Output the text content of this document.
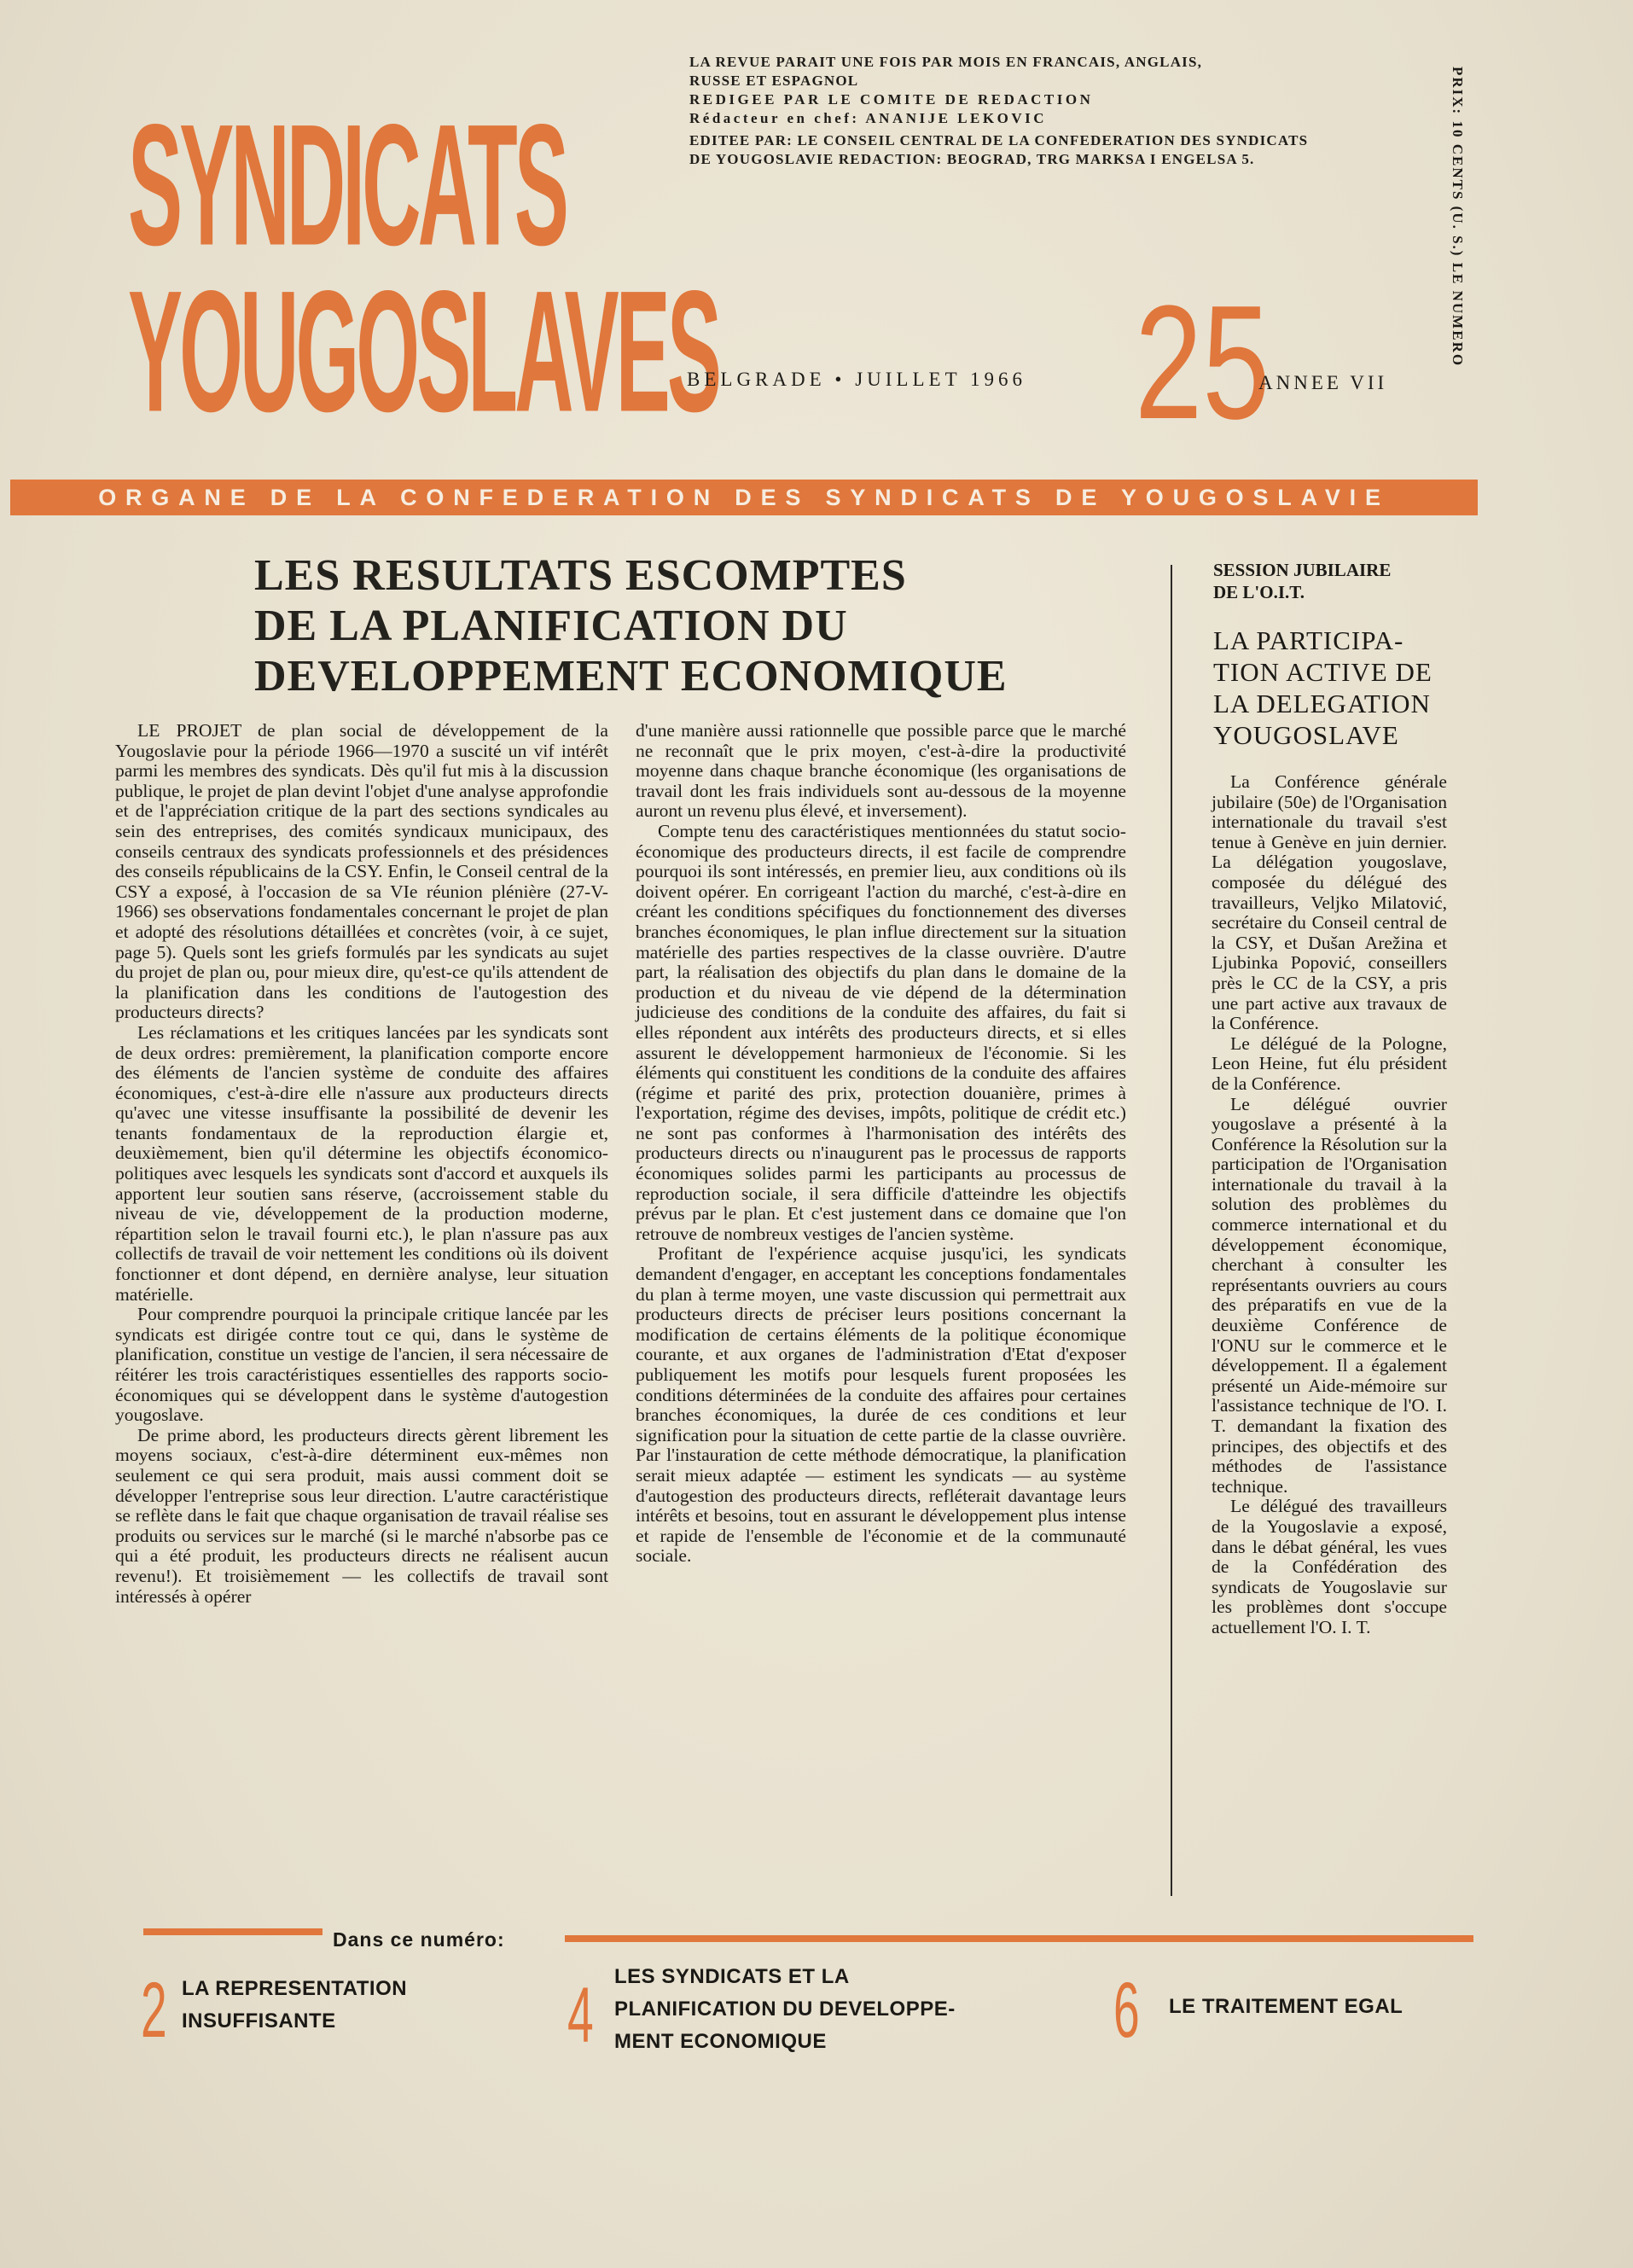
SYNDICATS
YOUGOSLAVES
LA REVUE PARAIT UNE FOIS PAR MOIS EN FRANCAIS, ANGLAIS,
RUSSE ET ESPAGNOL
REDIGEE PAR LE COMITE DE REDACTION
Rédacteur en chef: ANANIJE LEKOVIC
EDITEE PAR: LE CONSEIL CENTRAL DE LA CONFEDERATION DES SYNDICATS
DE YOUGOSLAVIE REDACTION: BEOGRAD, TRG MARKSA I ENGELSA 5.	PRIX: 10 CENTS (U. S.) LE NUMERO
BELGRADE • JUILLET 1966 25
ANNEE VII
ORGANE DE LA CONFEDERATION DES SYNDICATS DE YOUGOSLAVIE
LES RESULTATS ESCOMPTES
DE LA PLANIFICATION DU
DEVELOPPEMENT ECONOMIQUE

LE PROJET de plan social de développement de la Yougoslavie pour la période 1966—1970 a suscité un vif intérêt parmi les membres des syndicats. Dès qu'il fut mis à la discussion publique, le projet de plan devint l'objet d'une analyse approfondie et de l'appréciation critique de la part des sections syndicales au sein des entreprises, des comités syndicaux municipaux, des conseils centraux des syndicats professionnels et des présidences des conseils républicains de la CSY. Enfin, le Conseil central de la CSY a exposé, à l'occasion de sa VIe réunion plénière (27-V-1966) ses observations fondamentales concernant le projet de plan et adopté des résolutions détaillées et concrètes (voir, à ce sujet, page 5). Quels sont les griefs formulés par les syndicats au sujet du projet de plan ou, pour mieux dire, qu'est-ce qu'ils attendent de la planification dans les conditions de l'autogestion des producteurs directs?

Les réclamations et les critiques lancées par les syndicats sont de deux ordres: premièrement, la planification comporte encore des éléments de l'ancien système de conduite des affaires économiques, c'est-à-dire elle n'assure aux producteurs directs qu'avec une vitesse insuffisante la possibilité de devenir les tenants fondamentaux de la reproduction élargie et, deuxièmement, bien qu'il détermine les objectifs économico-politiques avec lesquels les syndicats sont d'accord et auxquels ils apportent leur soutien sans réserve, (accroissement stable du niveau de vie, développement de la production moderne, répartition selon le travail fourni etc.), le plan n'assure pas aux collectifs de travail de voir nettement les conditions où ils doivent fonctionner et dont dépend, en dernière analyse, leur situation matérielle.

Pour comprendre pourquoi la principale critique lancée par les syndicats est dirigée contre tout ce qui, dans le système de planification, constitue un vestige de l'ancien, il sera nécessaire de réitérer les trois caractéristiques essentielles des rapports socio-économiques qui se développent dans le système d'autogestion yougoslave.

De prime abord, les producteurs directs gèrent librement les moyens sociaux, c'est-à-dire déterminent eux-mêmes non seulement ce qui sera produit, mais aussi comment doit se développer l'entreprise sous leur direction. L'autre caractéristique se reflète dans le fait que chaque organisation de travail réalise ses produits ou services sur le marché (si le marché n'absorbe pas ce qui a été produit, les producteurs directs ne réalisent aucun revenu!). Et troisièmement — les collectifs de travail sont intéressés à opérer

d'une manière aussi rationnelle que possible parce que le marché ne reconnaît que le prix moyen, c'est-à-dire la productivité moyenne dans chaque branche économique (les organisations de travail dont les frais individuels sont au-dessous de la moyenne auront un revenu plus élevé, et inversement).

Compte tenu des caractéristiques mentionnées du statut socio-économique des producteurs directs, il est facile de comprendre pourquoi ils sont intéressés, en premier lieu, aux conditions où ils doivent opérer. En corrigeant l'action du marché, c'est-à-dire en créant les conditions spécifiques du fonctionnement des diverses branches économiques, le plan influe directement sur la situation matérielle des parties respectives de la classe ouvrière. D'autre part, la réalisation des objectifs du plan dans le domaine de la production et du niveau de vie dépend de la détermination judicieuse des conditions de la conduite des affaires, du fait si elles répondent aux intérêts des producteurs directs, et si elles assurent le développement harmonieux de l'économie. Si les éléments qui constituent les conditions de la conduite des affaires (régime et parité des prix, protection douanière, primes à l'exportation, régime des devises, impôts, politique de crédit etc.) ne sont pas conformes à l'harmonisation des intérêts des producteurs directs ou n'inaugurent pas le processus de rapports économiques solides parmi les participants au processus de reproduction sociale, il sera difficile d'atteindre les objectifs prévus par le plan. Et c'est justement dans ce domaine que l'on retrouve de nombreux vestiges de l'ancien système.

Profitant de l'expérience acquise jusqu'ici, les syndicats demandent d'engager, en acceptant les conceptions fondamentales du plan à terme moyen, une vaste discussion qui permettrait aux producteurs directs de préciser leurs positions concernant la modification de certains éléments de la politique économique courante, et aux organes de l'administration d'Etat d'exposer publiquement les motifs pour lesquels furent proposées les conditions déterminées de la conduite des affaires pour certaines branches économiques, la durée de ces conditions et leur signification pour la situation de cette partie de la classe ouvrière. Par l'instauration de cette méthode démocratique, la planification serait mieux adaptée — estiment les syndicats — au système d'autogestion des producteurs directs, refléterait davantage leurs intérêts et besoins, tout en assurant le développement plus intense et rapide de l'ensemble de l'économie et de la communauté sociale.

SESSION JUBILAIRE
DE L'O.I.T.
LA PARTICIPA-
TION ACTIVE DE
LA DELEGATION
YOUGOSLAVE

La Conférence générale jubilaire (50e) de l'Organisation internationale du travail s'est tenue à Genève en juin dernier. La délégation yougoslave, composée du délégué des travailleurs, Veljko Milatović, secrétaire du Conseil central de la CSY, et Dušan Arežina et Ljubinka Popović, conseillers près le CC de la CSY, a pris une part active aux travaux de la Conférence.

Le délégué de la Pologne, Leon Heine, fut élu président de la Conférence.

Le délégué ouvrier yougoslave a présenté à la Conférence la Résolution sur la participation de l'Organisation internationale du travail à la solution des problèmes du commerce international et du développement économique, cherchant à consulter les représentants ouvriers au cours des préparatifs en vue de la deuxième Conférence de l'ONU sur le commerce et le développement. Il a également présenté un Aide-mémoire sur l'assistance technique de l'O. I. T. demandant la fixation des principes, des objectifs et des méthodes de l'assistance technique.

Le délégué des travailleurs de la Yougoslavie a exposé, dans le débat général, les vues de la Confédération des syndicats de Yougoslavie sur les problèmes dont s'occupe actuellement l'O. I. T.

Dans ce numéro:
2 LA REPRESENTATION
INSUFFISANTE	4 LES SYNDICATS ET LA
PLANIFICATION DU DEVELOPPE-
MENT ECONOMIQUE	6 LE TRAITEMENT EGAL
